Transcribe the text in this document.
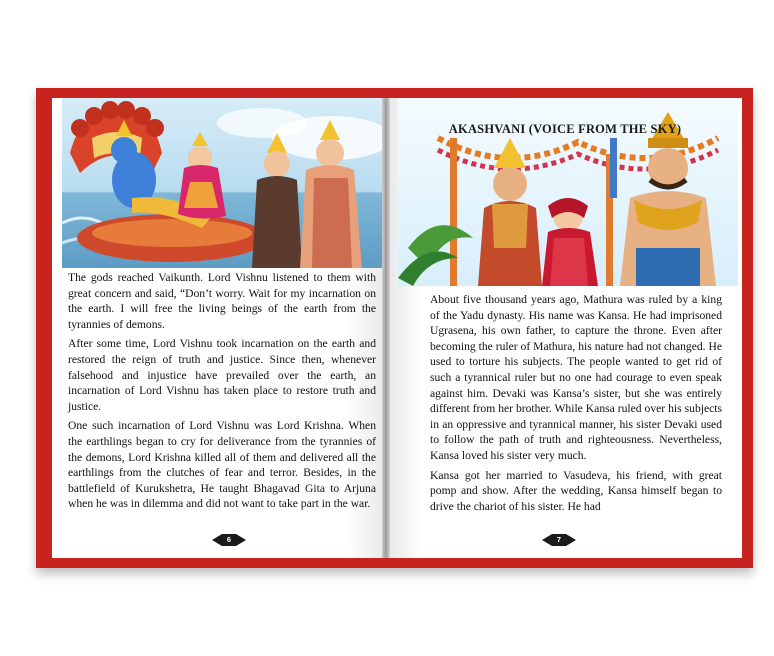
The gods reached Vaikunth. Lord Vishnu listened to them with great concern and said, “Don’t worry. Wait for my incarnation on the earth. I will free the living beings of the earth from the tyrannies of demons.

After some time, Lord Vishnu took incarnation on the earth and restored the reign of truth and justice. Since then, whenever falsehood and injustice have prevailed over the earth, an incarnation of Lord Vishnu has taken place to restore truth and justice.

One such incarnation of Lord Vishnu was Lord Krishna. When the earthlings began to cry for deliverance from the tyrannies of the demons, Lord Krishna killed all of them and delivered all the earthlings from the clutches of fear and terror. Besides, in the battlefield of Kurukshetra, He taught Bhagavad Gita to Arjuna when he was in dilemma and did not want to take part in the war.

6
AKASHVANI (VOICE FROM THE SKY)

About five thousand years ago, Mathura was ruled by a king of the Yadu dynasty. His name was Kansa. He had imprisoned Ugrasena, his own father, to capture the throne. Even after becoming the ruler of Mathura, his nature had not changed. He used to torture his subjects. The people wanted to get rid of such a tyrannical ruler but no one had courage to even speak against him. Devaki was Kansa’s sister, but she was entirely different from her brother. While Kansa ruled over his subjects in an oppressive and tyrannical manner, his sister Devaki used to follow the path of truth and righteousness. Nevertheless, Kansa loved his sister very much.

Kansa got her married to Vasudeva, his friend, with great pomp and show. After the wedding, Kansa himself began to drive the chariot of his sister. He had

7
